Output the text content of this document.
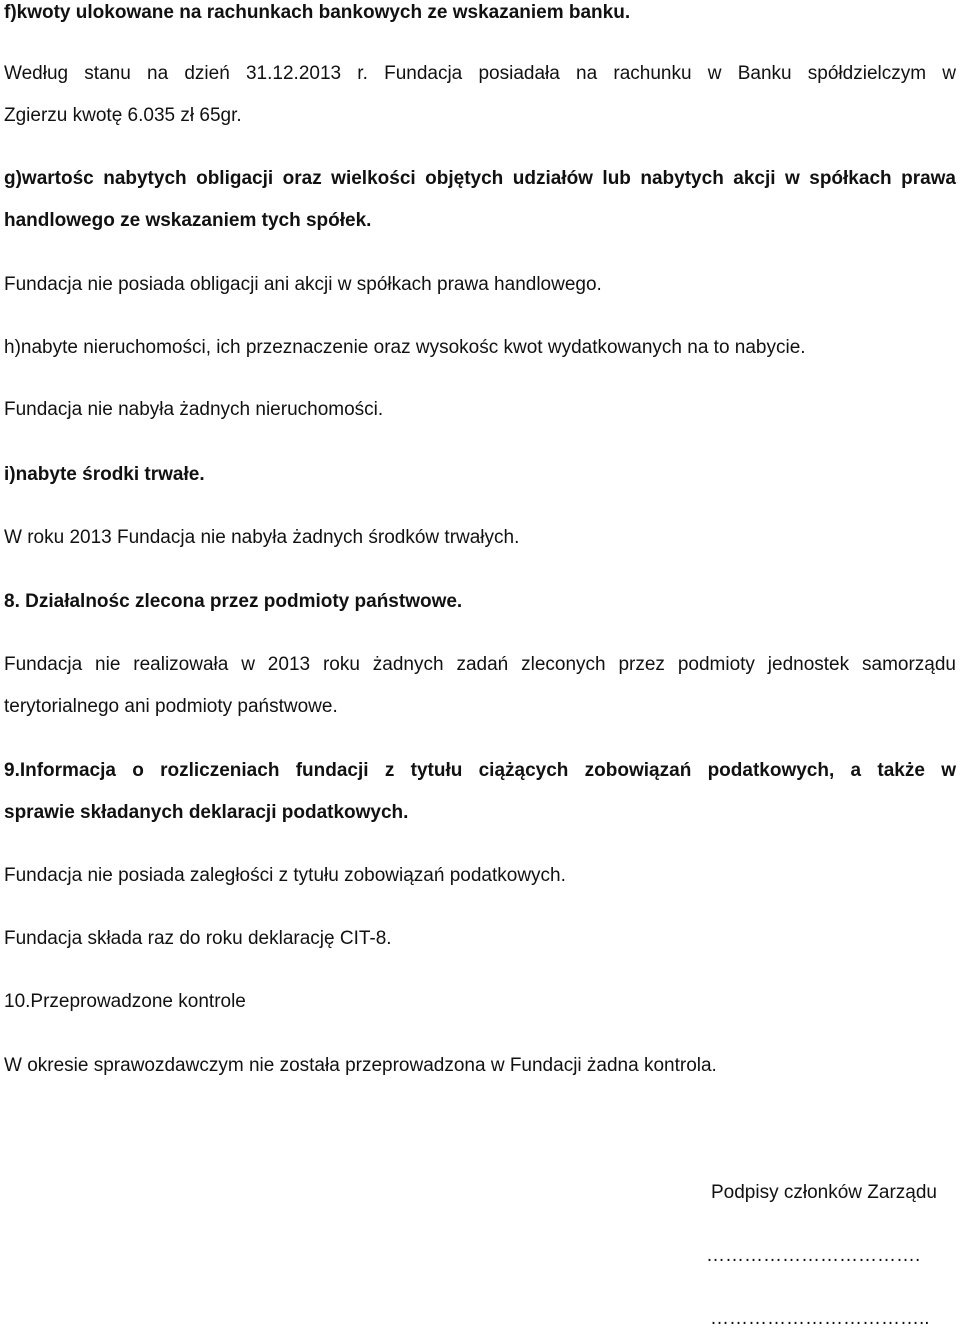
f)kwoty ulokowane na rachunkach bankowych ze wskazaniem banku.
Według stanu na dzień 31.12.2013 r. Fundacja posiadała na rachunku w Banku spółdzielczym w
Zgierzu kwotę 6.035 zł 65gr.
g)wartośc nabytych obligacji oraz wielkości objętych udziałów lub nabytych akcji w spółkach prawa
handlowego ze wskazaniem tych spółek.
Fundacja nie posiada obligacji ani akcji w spółkach prawa handlowego.
h)nabyte nieruchomości, ich przeznaczenie oraz wysokośc kwot wydatkowanych na to nabycie.
Fundacja nie nabyła żadnych nieruchomości.
i)nabyte środki trwałe.
W roku 2013 Fundacja nie nabyła żadnych środków trwałych.
8. Działalnośc zlecona przez podmioty państwowe.
Fundacja nie realizowała w 2013 roku żadnych zadań zleconych przez podmioty jednostek samorządu
terytorialnego ani podmioty państwowe.
9.Informacja o rozliczeniach fundacji z tytułu ciążących zobowiązań podatkowych, a także w
sprawie składanych deklaracji podatkowych.
Fundacja nie posiada zaległości z tytułu zobowiązań podatkowych.
Fundacja składa raz do roku deklarację CIT-8.
10.Przeprowadzone kontrole
W okresie sprawozdawczym nie została przeprowadzona w Fundacji żadna kontrola.
Podpisy członków Zarządu
…………………………….
……………………………..
